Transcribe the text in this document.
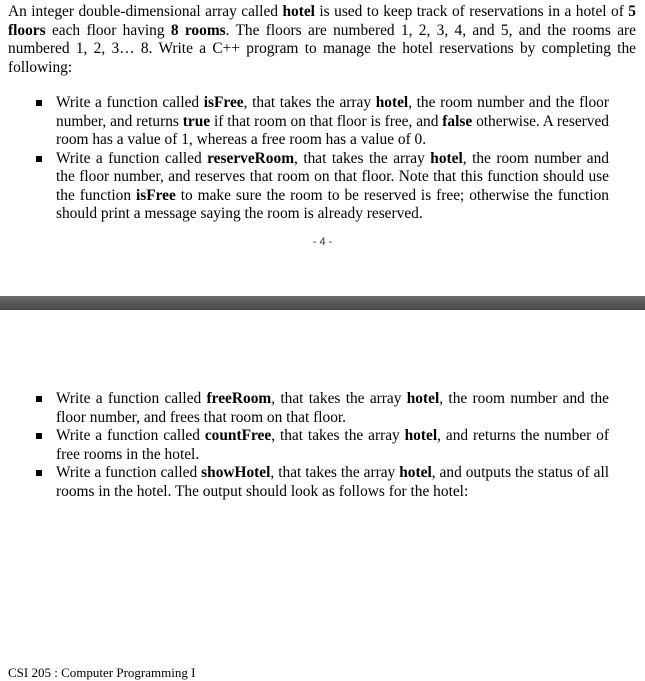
An integer double-dimensional array called hotel is used to keep track of reservations in a hotel of 5 floors each floor having 8 rooms. The floors are numbered 1, 2, 3, 4, and 5, and the rooms are numbered 1, 2, 3… 8. Write a C++ program to manage the hotel reservations by completing the following:

Write a function called isFree, that takes the array hotel, the room number and the floor number, and returns true if that room on that floor is free, and false otherwise. A reserved room has a value of 1, whereas a free room has a value of 0.
Write a function called reserveRoom, that takes the array hotel, the room number and the floor number, and reserves that room on that floor. Note that this function should use the function isFree to make sure the room to be reserved is free; otherwise the function should print a message saying the room is already reserved.
- 4 -
CSI 205 : Computer Programming I
Write a function called freeRoom, that takes the array hotel, the room number and the floor number, and frees that room on that floor.
Write a function called countFree, that takes the array hotel, and returns the number of free rooms in the hotel.
Write a function called showHotel, that takes the array hotel, and outputs the status of all rooms in the hotel. The output should look as follows for the hotel:
